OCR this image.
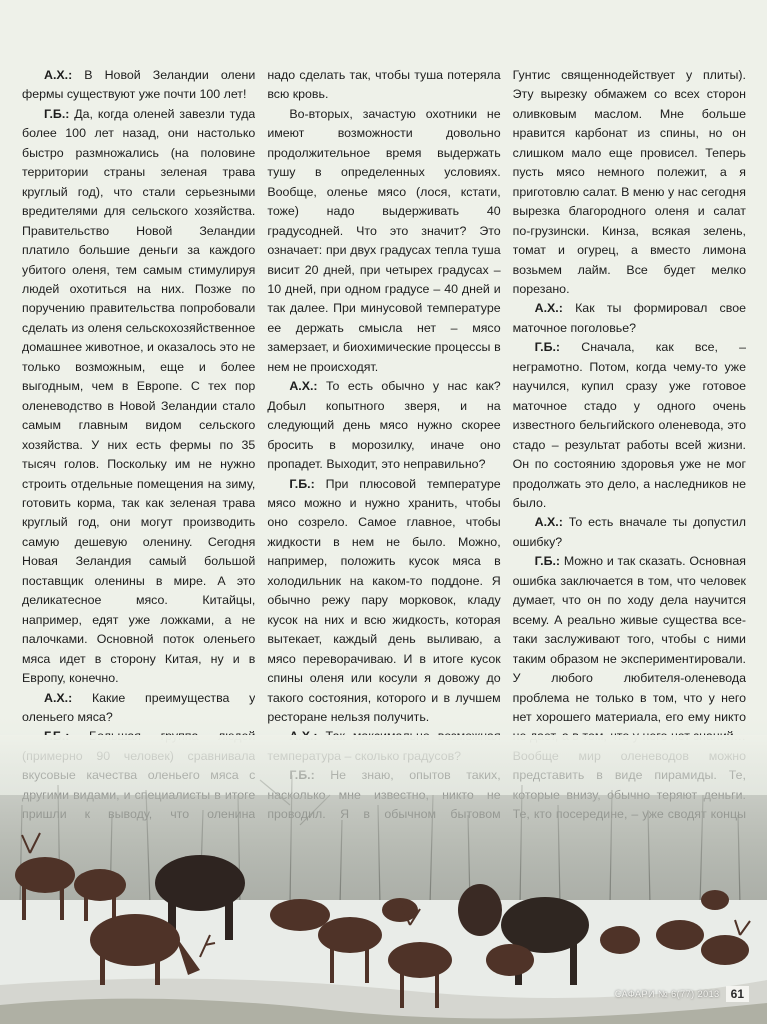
А.Х.: В Новой Зеландии олени фермы существуют уже почти 100 лет!

Г.Б.: Да, когда оленей завезли туда более 100 лет назад, они настолько быстро размножались (на половине территории страны зеленая трава круглый год), что стали серьезными вредителями для сельского хозяйства. Правительство Новой Зеландии платило большие деньги за каждого убитого оленя, тем самым стимулируя людей охотиться на них. Позже по поручению правительства попробовали сделать из оленя сельскохозяйственное домашнее животное, и оказалось это не только возможным, еще и более выгодным, чем в Европе. С тех пор оленеводство в Новой Зеландии стало самым главным видом сельского хозяйства. У них есть фермы по 35 тысяч голов. Поскольку им не нужно строить отдельные помещения на зиму, готовить корма, так как зеленая трава круглый год, они могут производить самую дешевую оленину. Сегодня Новая Зеландия самый большой поставщик оленины в мире. А это деликатесное мясо. Китайцы, например, едят уже ложками, а не палочками. Основной поток оленьего мяса идет в сторону Китая, ну и в Европу, конечно.

А.Х.: Какие преимущества у оленьего мяса?

надо сделать так, чтобы туша потеряла всю кровь.

Во-вторых, зачастую охотники не имеют возможности довольно продолжительное время выдержать тушу в определенных условиях. Вообще, оленье мясо (лося, кстати, тоже) надо выдерживать 40 градусодней. Что это значит? Это означает: при двух градусах тепла туша висит 20 дней, при четырех градусах – 10 дней, при одном градусе – 40 дней и так далее. При минусовой температуре ее держать смысла нет – мясо замерзает, и биохимические процессы в нем не происходят.

А.Х.: То есть обычно у нас как? Добыл копытного зверя, и на следующий день мясо нужно скорее бросить в морозилку, иначе оно пропадет. Выходит, это неправильно?

Г.Б.: При плюсовой температуре мясо можно и нужно хранить, чтобы оно созрело. Самое главное, чтобы жидкости в нем не было. Можно, например, положить кусок мяса в холодильник на каком-то поддоне. Я обычно режу пару морковок, кладу кусок на них и всю жидкость, которая вытекает, каждый день выливаю, а мясо переворачиваю. И в итоге кусок спины оленя или косули я довожу до такого состояния, которого и в лучшем ресторане нельзя получить.

Гунтис священнодействует у плиты). Эту вырезку обмажем со всех сторон оливковым маслом. Мне больше нравится карбонат из спины, но он слишком мало еще провисел. Теперь пусть мясо немного полежит, а я приготовлю салат. В меню у нас сегодня вырезка благородного оленя и салат по-грузински. Кинза, всякая зелень, томат и огурец, а вместо лимона возьмем лайм. Все будет мелко порезано.

А.Х.: Как ты формировал свое маточное поголовье?

Г.Б.: Сначала, как все, – неграмотно. Потом, когда чему-то уже научился, купил сразу уже готовое маточное стадо у одного очень известного бельгийского оленевода, это стадо – результат работы всей жизни. Он по состоянию здоровья уже не мог продолжать это дело, а наследников не было.

А.Х.: То есть вначале ты допустил ошибку?

Г.Б.: Можно и так сказать. Основная ошибка заключается в том, что человек думает, что он по ходу дела научится всему. А реально живые существа все-таки заслуживают того, чтобы с ними таким образом не экспериментировали. У любого любителя-оленевода проблема не только в том, что у него нет хорошего материала, его ему никто

САФАРИ № 6(77) 2013 61
